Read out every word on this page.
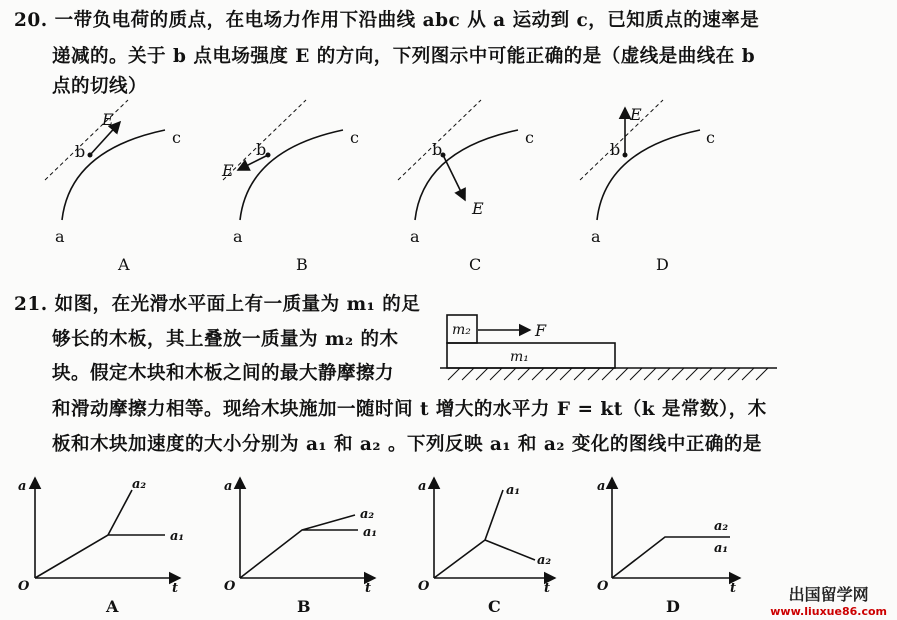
20. 一带负电荷的质点，在电场力作用下沿曲线 abc 从 a 运动到 c，已知质点的速率是
递减的。关于 b 点电场强度 E 的方向，下列图示中可能正确的是（虚线是曲线在 b
点的切线）
21. 如图，在光滑水平面上有一质量为 m₁ 的足
够长的木板，其上叠放一质量为 m₂ 的木
块。假定木块和木板之间的最大静摩擦力
和滑动摩擦力相等。现给木块施加一随时间 t 增大的水平力 F = kt（k 是常数），木
板和木块加速度的大小分别为 a₁ 和 a₂ 。下列反映 a₁ 和 a₂ 变化的图线中正确的是
a
b
c
E
a
b
c
E
a
b
c
E
a
b
c
E
A	B	C	D
m₂
m₁
F
a
O	t
a₁
a₂	a
O	t
a₁
a₂
a
O	t
a₁
a₂
a
O	t
a₂
a₁
A	B	C	D
出国留学网
www.liuxue86.com
